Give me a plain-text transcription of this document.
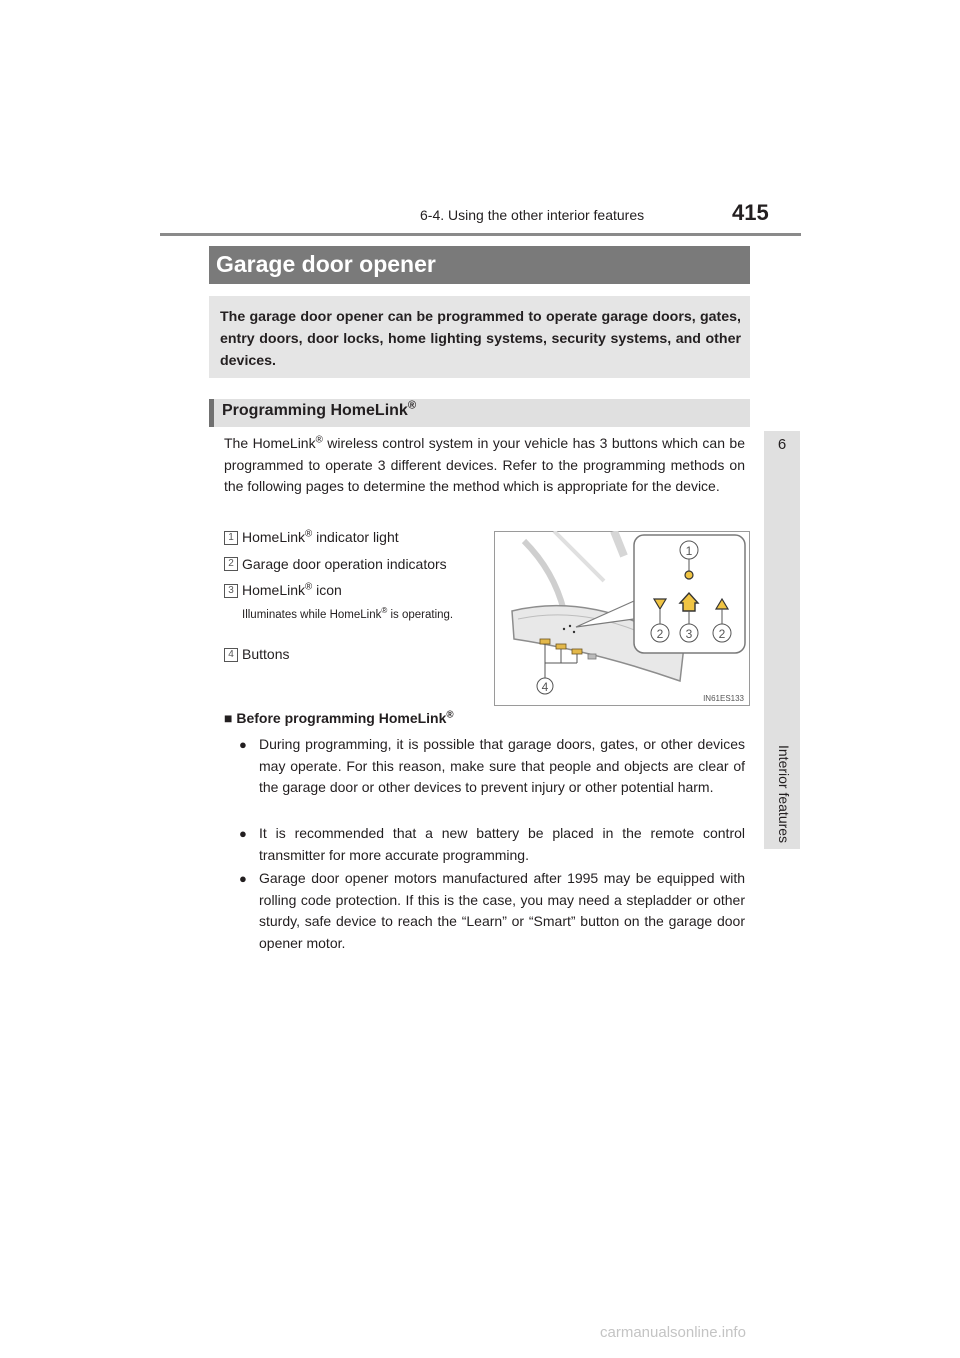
6-4. Using the other interior features	415
6
Interior features
Garage door opener
The garage door opener can be programmed to operate garage doors, gates, entry doors, door locks, home lighting systems, security systems, and other devices.
Programming HomeLink®
The HomeLink® wireless control system in your vehicle has 3 buttons which can be programmed to operate 3 different devices. Refer to the programming methods on the following pages to determine the method which is appropriate for the device.
1 HomeLink® indicator light
2 Garage door operation indicators
3 HomeLink® icon
Illuminates while HomeLink® is operating.
4 Buttons
4
1
2 3 2
IN61ES133
■ Before programming HomeLink®
● During programming, it is possible that garage doors, gates, or other devices may operate. For this reason, make sure that people and objects are clear of the garage door or other devices to prevent injury or other potential harm.
● It is recommended that a new battery be placed in the remote control transmitter for more accurate programming.
● Garage door opener motors manufactured after 1995 may be equipped with rolling code protection. If this is the case, you may need a stepladder or other sturdy, safe device to reach the “Learn” or “Smart” button on the garage door opener motor.
carmanualsonline.info
